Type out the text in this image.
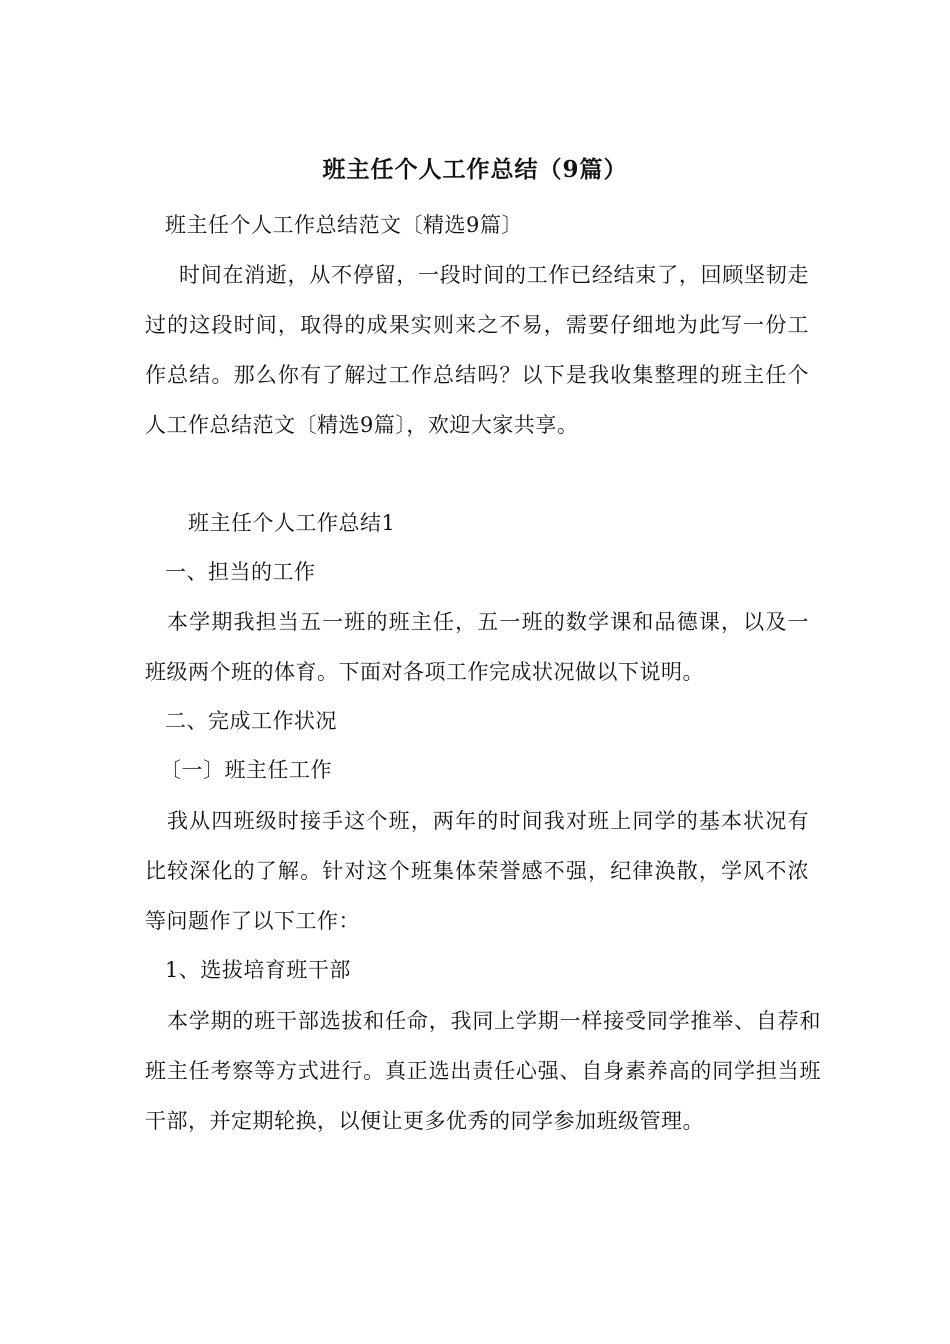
班主任个人工作总结（9篇）
班主任个人工作总结范文〔精选9篇〕
时间在消逝，从不停留，一段时间的工作已经结束了，回顾坚韧走过的这段时间，取得的成果实则来之不易，需要仔细地为此写一份工作总结。那么你有了解过工作总结吗？以下是我收集整理的班主任个人工作总结范文〔精选9篇〕，欢迎大家共享。
班主任个人工作总结1
一、担当的工作
本学期我担当五一班的班主任，五一班的数学课和品德课，以及一班级两个班的体育。下面对各项工作完成状况做以下说明。
二、完成工作状况
〔一〕班主任工作
我从四班级时接手这个班，两年的时间我对班上同学的基本状况有比较深化的了解。针对这个班集体荣誉感不强，纪律涣散，学风不浓等问题作了以下工作：
1、选拔培育班干部
本学期的班干部选拔和任命，我同上学期一样接受同学推举、自荐和班主任考察等方式进行。真正选出责任心强、自身素养高的同学担当班干部，并定期轮换，以便让更多优秀的同学参加班级管理。
